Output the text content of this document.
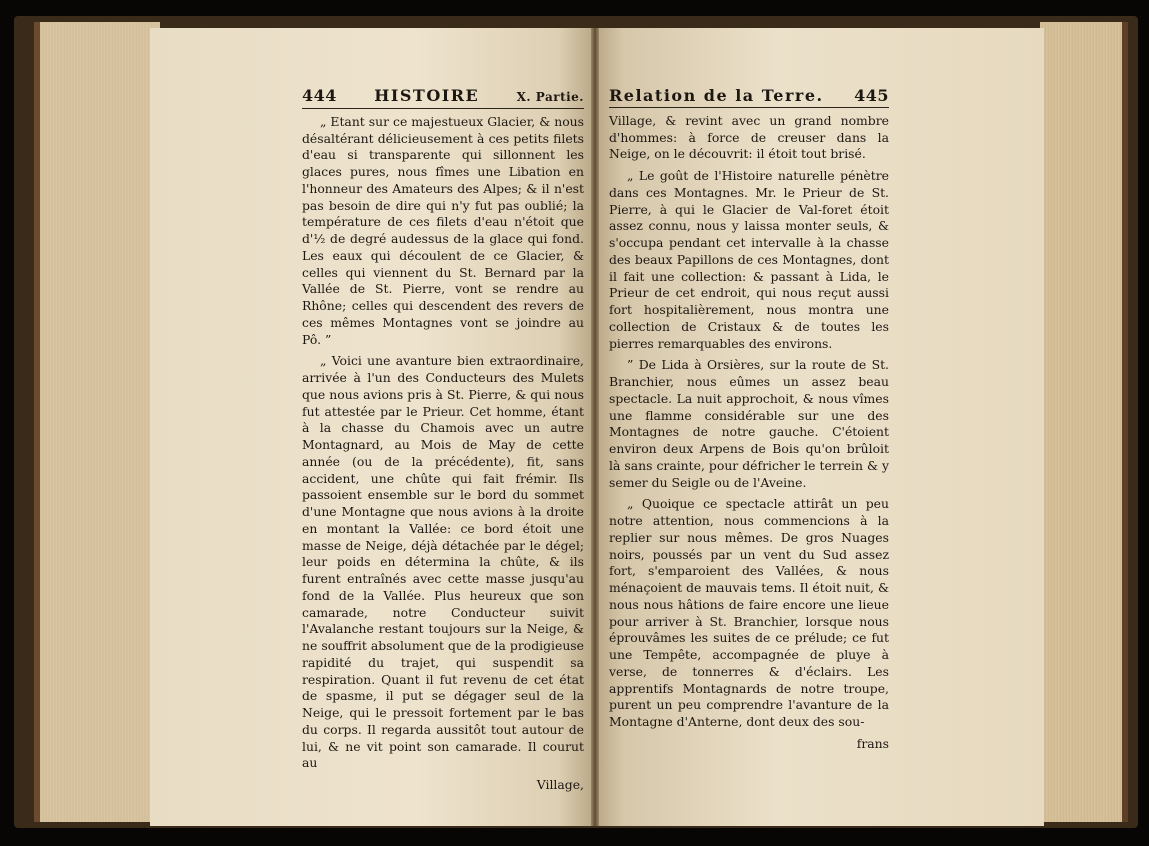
444 HISTOIRE	X. Partie.

„ Etant sur ce majestueux Glacier, & nous désaltérant délicieusement à ces petits filets d'eau si transparente qui sillonnent les glaces pures, nous fîmes une Libation en l'honneur des Amateurs des Alpes; & il n'est pas besoin de dire qui n'y fut pas oublié; la température de ces filets d'eau n'étoit que d'½ de degré audessus de la glace qui fond. Les eaux qui découlent de ce Glacier, & celles qui viennent du St. Bernard par la Vallée de St. Pierre, vont se rendre au Rhône; celles qui descendent des revers de ces mêmes Montagnes vont se joindre au Pô. ”

„ Voici une avanture bien extraordinaire, arrivée à l'un des Conducteurs des Mulets que nous avions pris à St. Pierre, & qui nous fut attestée par le Prieur. Cet homme, étant à la chasse du Chamois avec un autre Montagnard, au Mois de May de cette année (ou de la précédente), fit, sans accident, une chûte qui fait frémir. Ils passoient ensemble sur le bord du sommet d'une Montagne que nous avions à la droite en montant la Vallée: ce bord étoit une masse de Neige, déjà détachée par le dégel; leur poids en détermina la chûte, & ils furent entraînés avec cette masse jusqu'au fond de la Vallée. Plus heureux que son camarade, notre Conducteur suivit l'Avalanche restant toujours sur la Neige, & ne souffrit absolument que de la prodigieuse rapidité du trajet, qui suspendit sa respiration. Quant il fut revenu de cet état de spasme, il put se dégager seul de la Neige, qui le pressoit fortement par le bas du corps. Il regarda aussitôt tout autour de lui, & ne vit point son camarade. Il courut au

Village,

Relation de la Terre. 445

Village, & revint avec un grand nombre d'hommes: à force de creuser dans la Neige, on le découvrit: il étoit tout brisé.

„ Le goût de l'Histoire naturelle pénètre dans ces Montagnes. Mr. le Prieur de St. Pierre, à qui le Glacier de Val-foret étoit assez connu, nous y laissa monter seuls, & s'occupa pendant cet intervalle à la chasse des beaux Papillons de ces Montagnes, dont il fait une collection: & passant à Lida, le Prieur de cet endroit, qui nous reçut aussi fort hospitalièrement, nous montra une collection de Cristaux & de toutes les pierres remarquables des environs.

” De Lida à Orsières, sur la route de St. Branchier, nous eûmes un assez beau spectacle. La nuit approchoit, & nous vîmes une flamme considérable sur une des Montagnes de notre gauche. C'étoient environ deux Arpens de Bois qu'on brûloit là sans crainte, pour défricher le terrein & y semer du Seigle ou de l'Aveine.

„ Quoique ce spectacle attirât un peu notre attention, nous commencions à la replier sur nous mêmes. De gros Nuages noirs, poussés par un vent du Sud assez fort, s'emparoient des Vallées, & nous ménaçoient de mauvais tems. Il étoit nuit, & nous nous hâtions de faire encore une lieue pour arriver à St. Branchier, lorsque nous éprouvâmes les suites de ce prélude; ce fut une Tempête, accompagnée de pluye à verse, de tonnerres & d'éclairs. Les apprentifs Montagnards de notre troupe, purent un peu comprendre l'avanture de la Montagne d'Anterne, dont deux des sou-

frans
